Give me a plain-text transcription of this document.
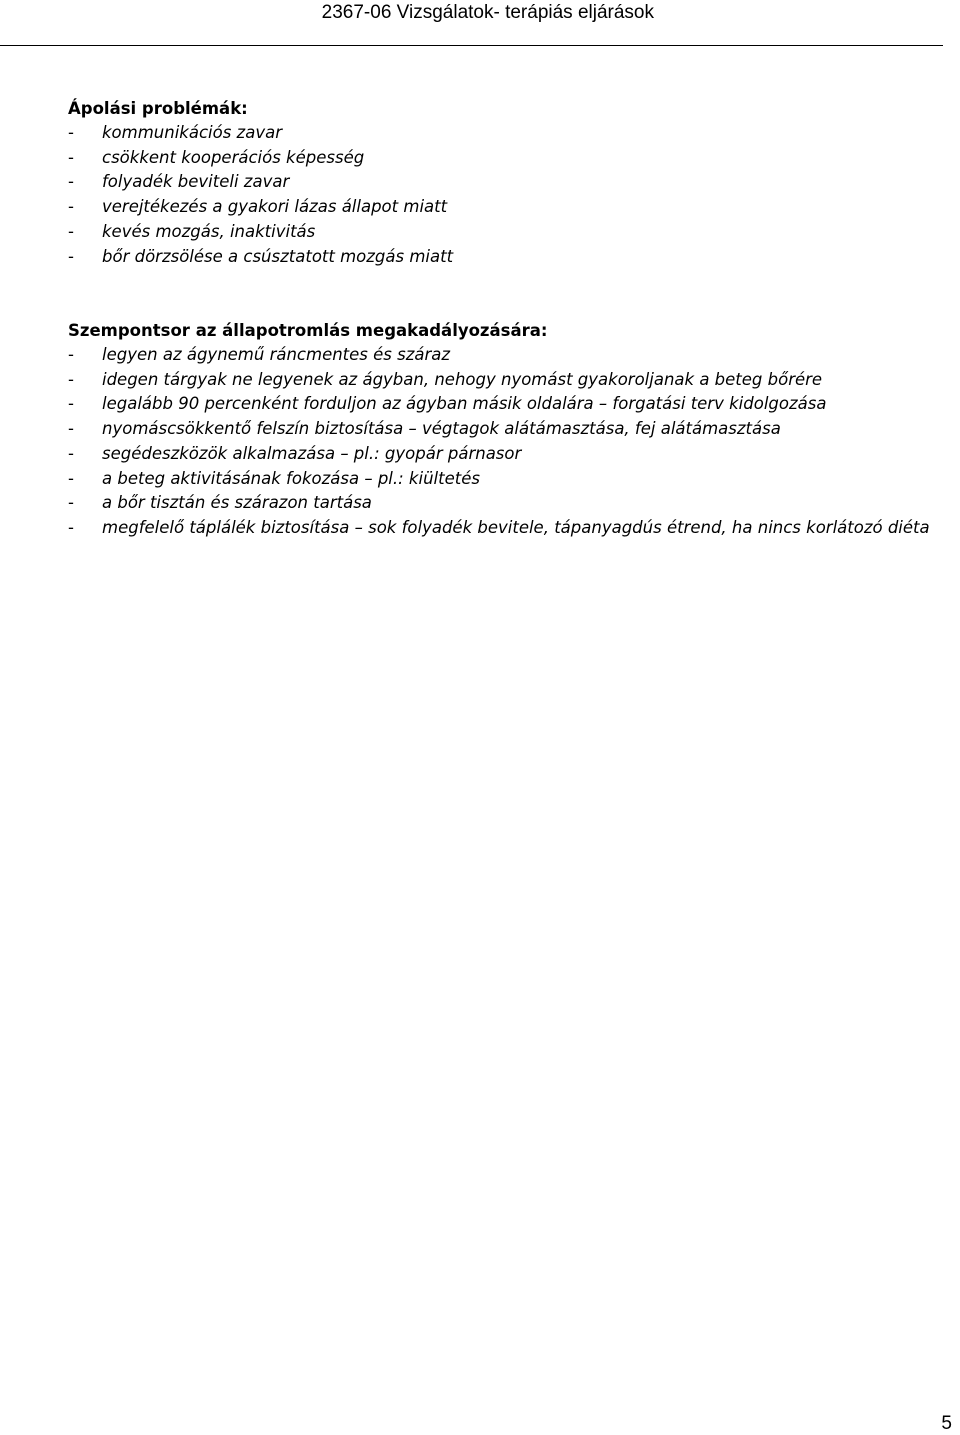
2367-06 Vizsgálatok- terápiás eljárások
Ápolási problémák:
-	kommunikációs zavar
-	csökkent kooperációs képesség
-	folyadék beviteli zavar
-	verejtékezés a gyakori lázas állapot miatt
-	kevés mozgás, inaktivitás
-	bőr dörzsölése a csúsztatott mozgás miatt
Szempontsor az állapotromlás megakadályozására:
-	legyen az ágynemű ráncmentes és száraz
-	idegen tárgyak ne legyenek az ágyban, nehogy nyomást gyakoroljanak a beteg bőrére
-	legalább 90 percenként forduljon az ágyban másik oldalára – forgatási terv kidolgozása
-	nyomáscsökkentő felszín biztosítása – végtagok alátámasztása, fej alátámasztása
-	segédeszközök alkalmazása – pl.: gyopár párnasor
-	a beteg aktivitásának fokozása – pl.: kiültetés
-	a bőr tisztán és szárazon tartása
-	megfelelő táplálék biztosítása – sok folyadék bevitele, tápanyagdús étrend, ha nincs korlátozó diéta
5
